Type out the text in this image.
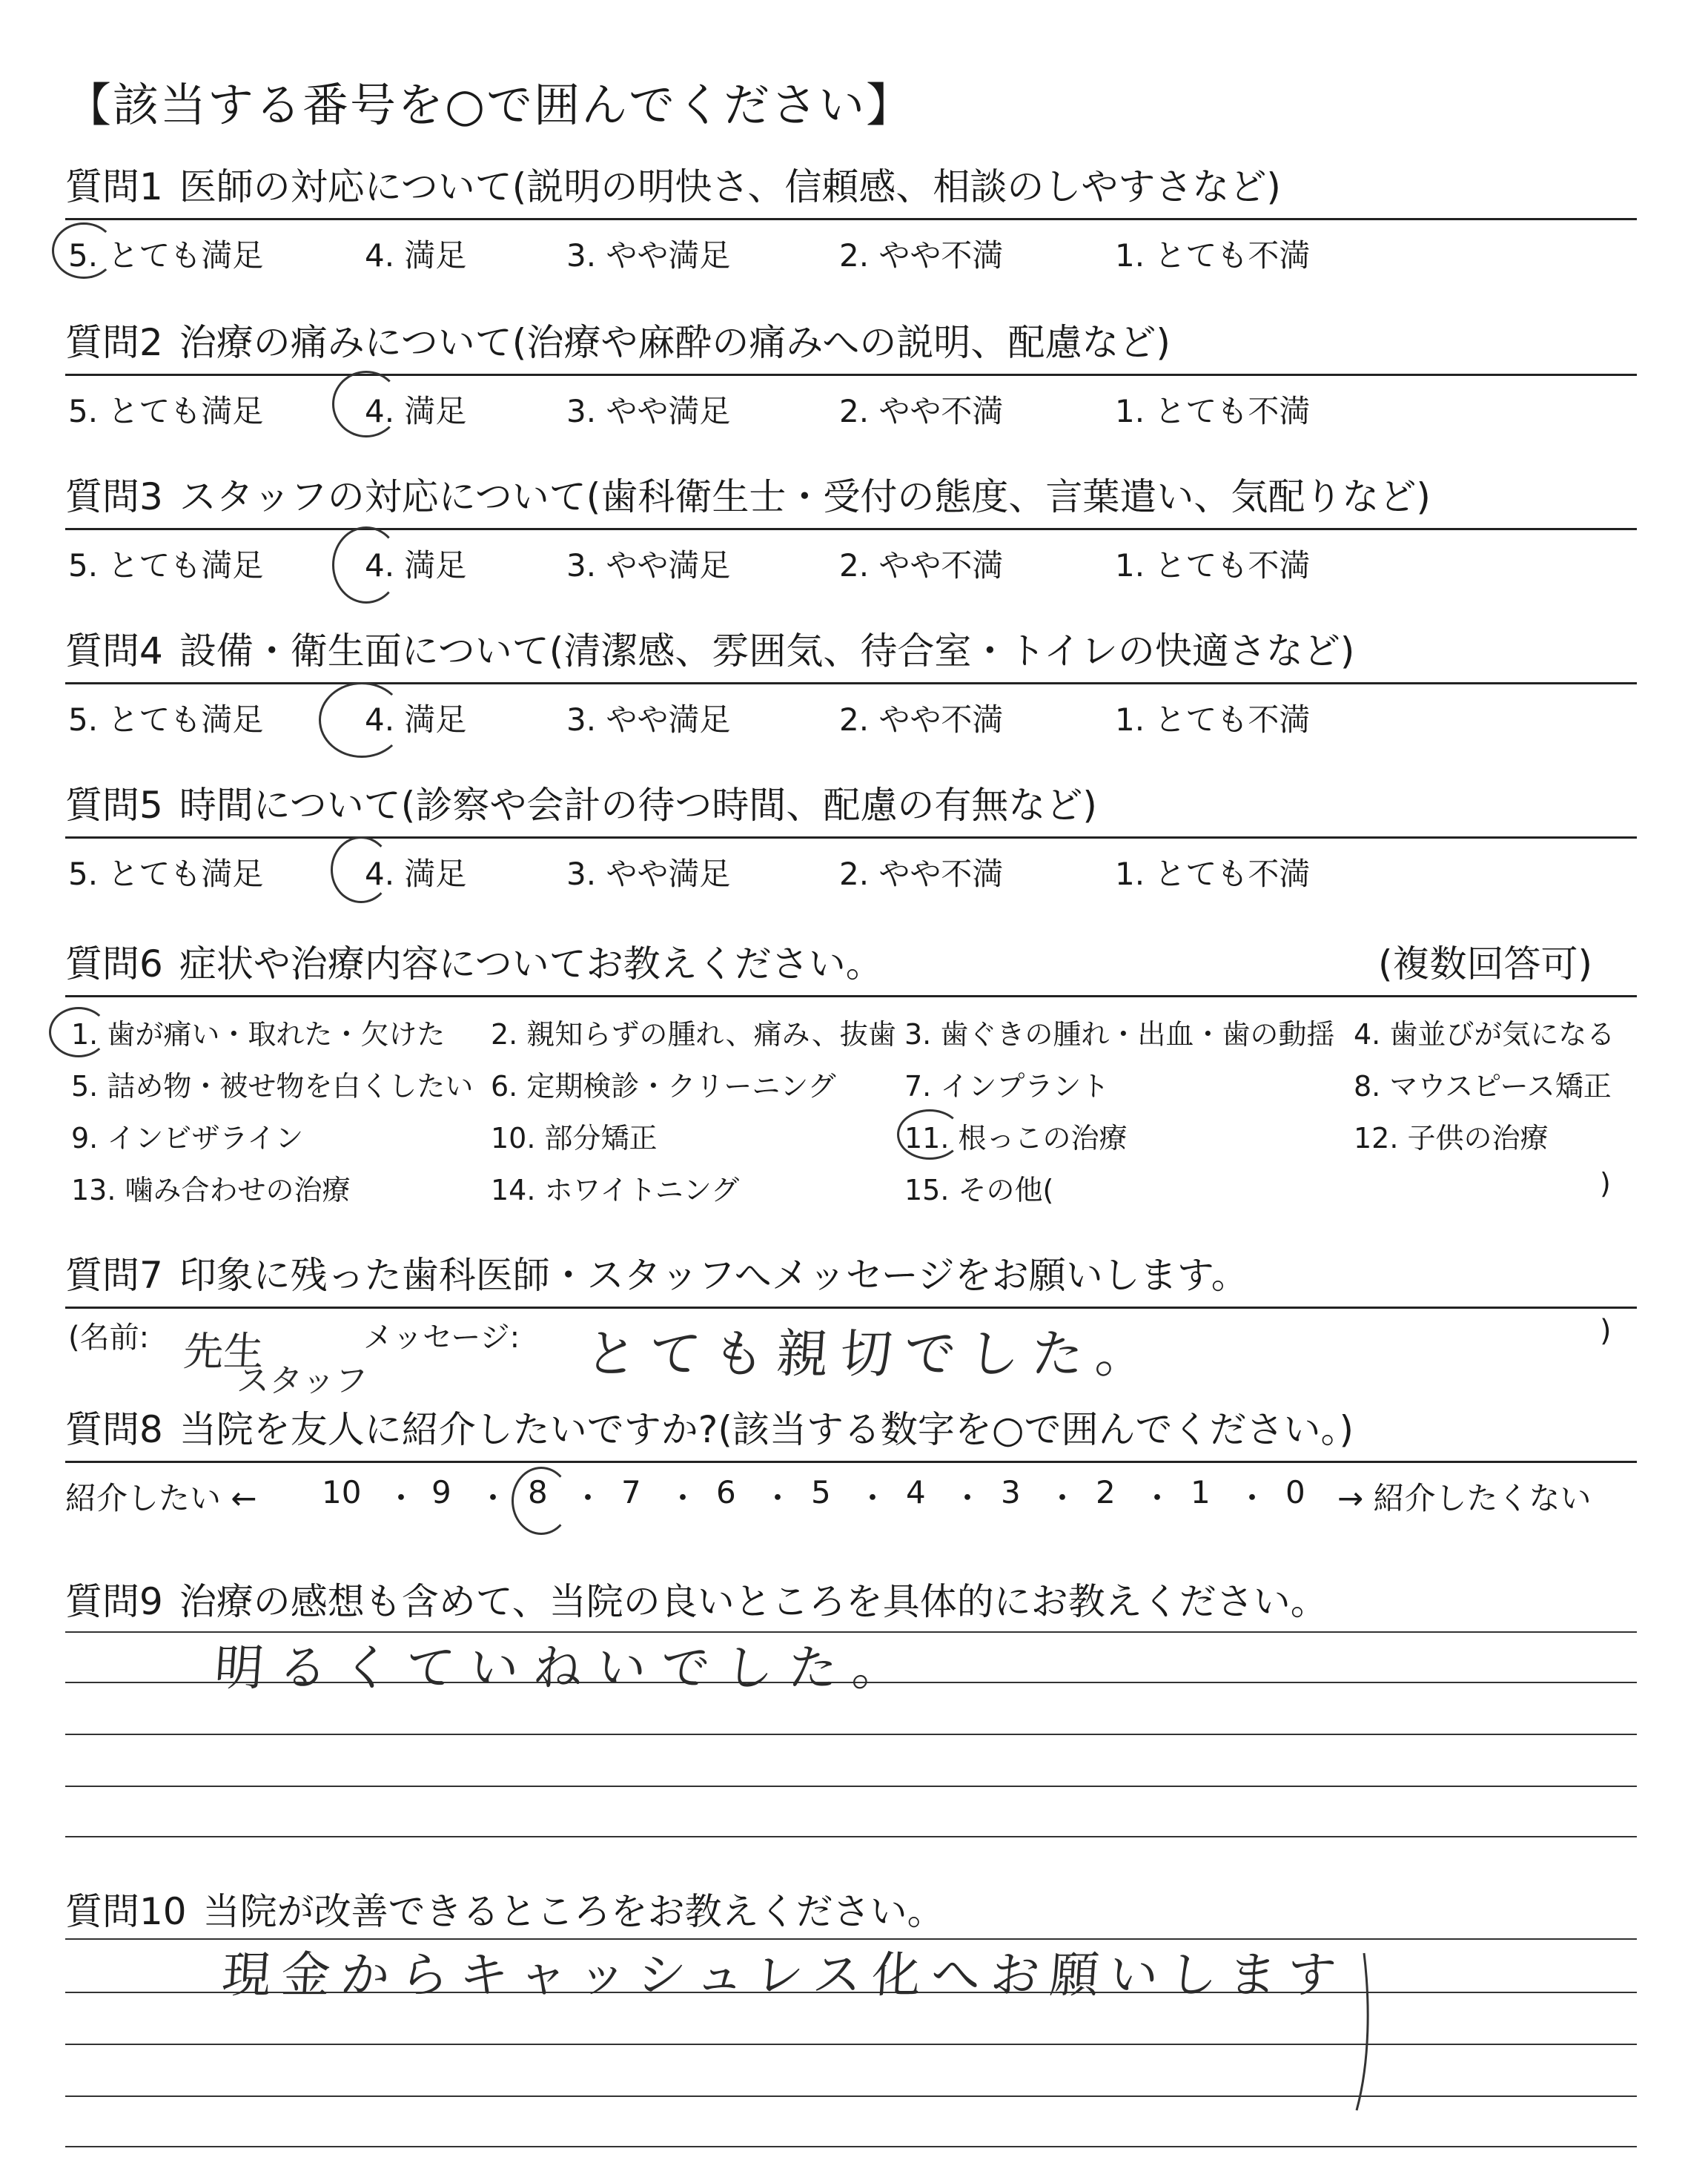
【該当する番号を○で囲んでください】
質問1 医師の対応について(説明の明快さ、信頼感、相談のしやすさなど)
5. とても満足	4. 満足	3. やや満足	2. やや不満	1. とても不満
質問2 治療の痛みについて(治療や麻酔の痛みへの説明、配慮など)
5. とても満足	4. 満足	3. やや満足	2. やや不満	1. とても不満
質問3 スタッフの対応について(歯科衛生士・受付の態度、言葉遣い、気配りなど)
5. とても満足	4. 満足	3. やや満足	2. やや不満	1. とても不満
質問4 設備・衛生面について(清潔感、雰囲気、待合室・トイレの快適さなど)
5. とても満足	4. 満足	3. やや満足	2. やや不満	1. とても不満
質問5 時間について(診察や会計の待つ時間、配慮の有無など)
5. とても満足	4. 満足	3. やや満足	2. やや不満	1. とても不満
質問6 症状や治療内容についてお教えください。	(複数回答可)
1. 歯が痛い・取れた・欠けた 2. 親知らずの腫れ、痛み、抜歯 3. 歯ぐきの腫れ・出血・歯の動揺 4. 歯並びが気になる
5. 詰め物・被せ物を白くしたい 6. 定期検診・クリーニング 7. インプラント	8. マウスピース矯正
9. インビザライン	10. 部分矯正	11. 根っこの治療	12. 子供の治療
13. 噛み合わせの治療	14. ホワイトニング	15. その他(	)
質問7 印象に残った歯科医師・スタッフへメッセージをお願いします。
(名前:	メッセージ:	)
先生
スタッフ	とても親切でした。
質問8 当院を友人に紹介したいですか?(該当する数字を○で囲んでください。)
紹介したい ← 10 ・ 9 ・ 8 ・ 7 ・ 6 ・ 5 ・ 4 ・ 3 ・ 2 ・ 1 ・ 0 → 紹介したくない
質問9 治療の感想も含めて、当院の良いところを具体的にお教えください。
明るくていねいでした。
質問10 当院が改善できるところをお教えください。
現金からキャッシュレス化へお願いします
